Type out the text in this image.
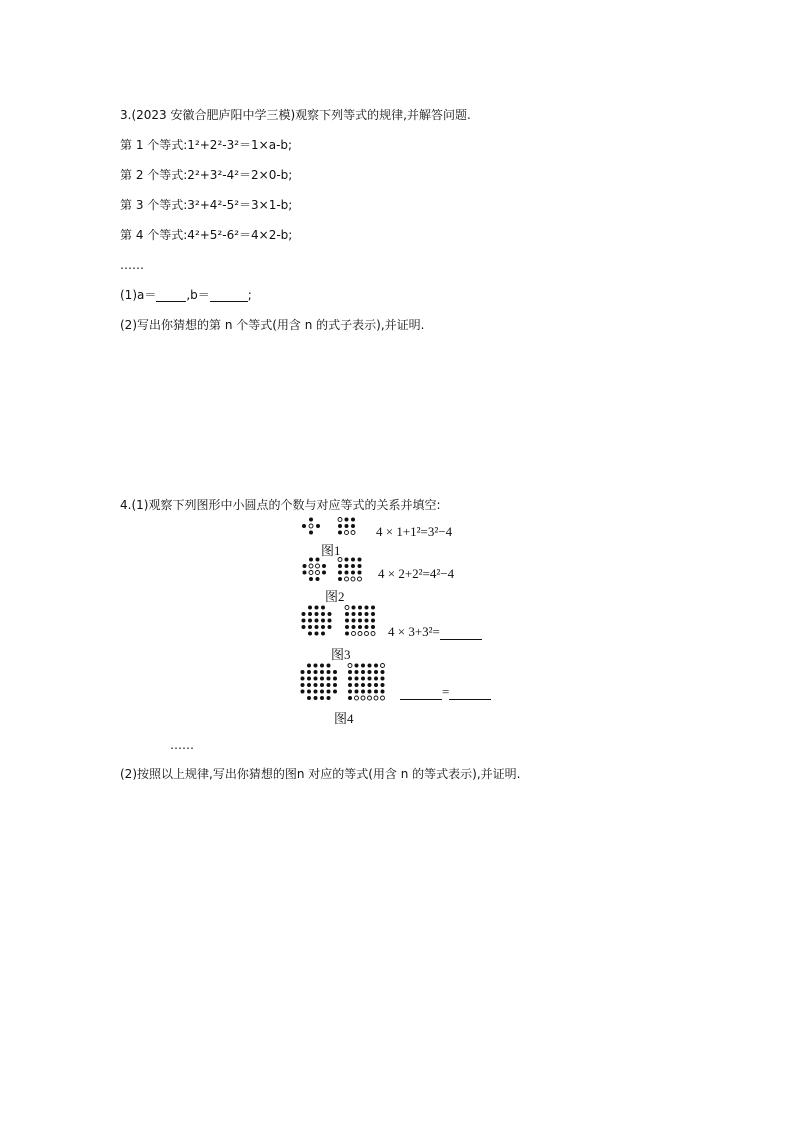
3.(2023 安徽合肥庐阳中学三模)观察下列等式的规律,并解答问题.
第 1 个等式:1²+2²-3²＝1×a-b;
第 2 个等式:2²+3²-4²＝2×0-b;
第 3 个等式:3²+4²-5²＝3×1-b;
第 4 个等式:4²+5²-6²＝4×2-b;
……
(1)a＝	,b＝	;
(2)写出你猜想的第 n 个等式(用含 n 的式子表示),并证明.
4.(1)观察下列图形中小圆点的个数与对应等式的关系并填空:
4 × 1+1²=3²−4
图1
4 × 2+2²=4²−4
图2
4 × 3+3²=
图3
=
图4
……
(2)按照以上规律,写出你猜想的图n 对应的等式(用含 n 的等式表示),并证明.
